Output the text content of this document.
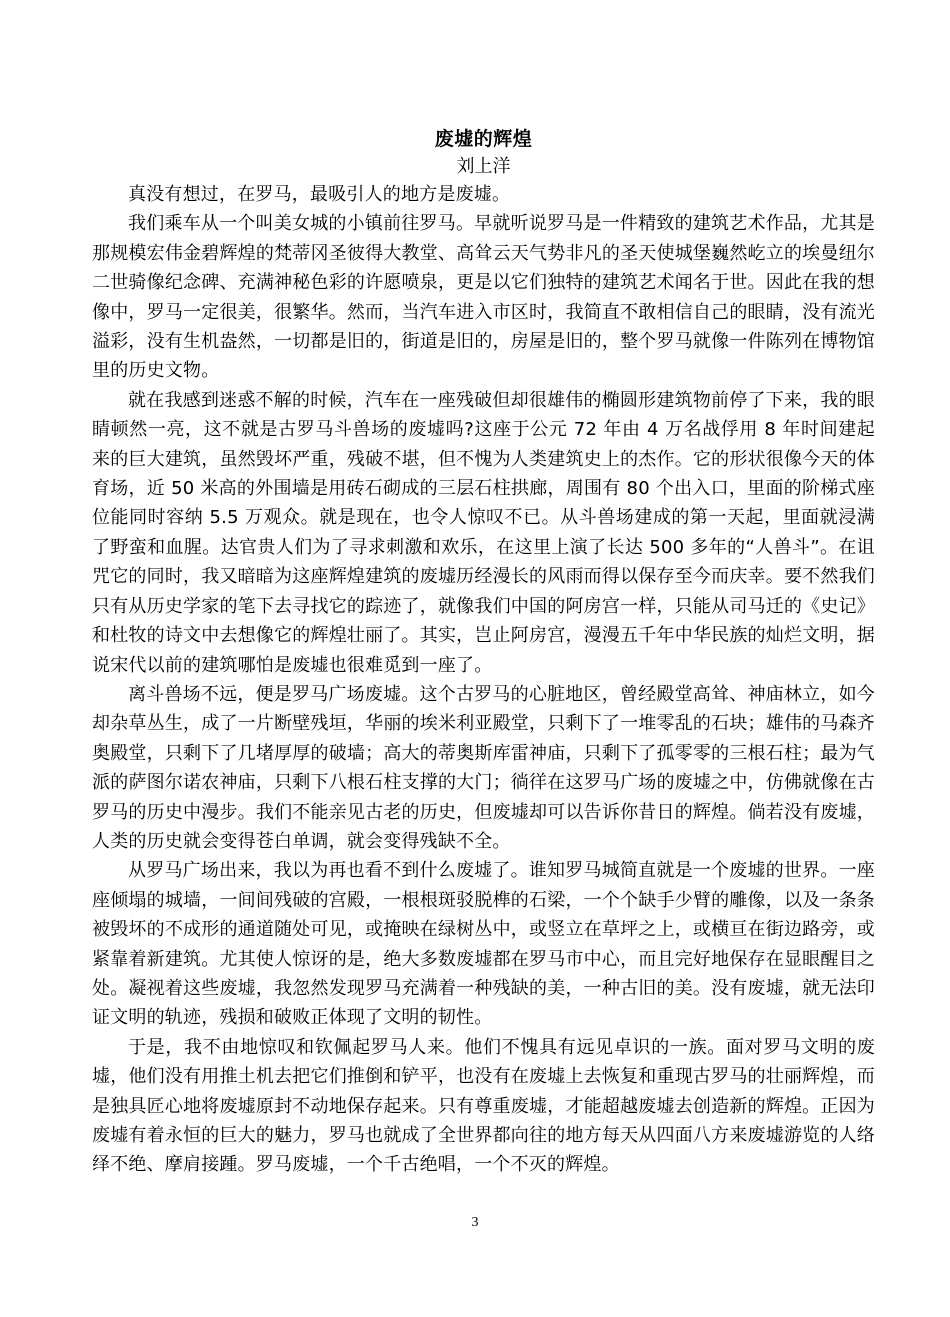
废墟的辉煌

刘上洋

真没有想过，在罗马，最吸引人的地方是废墟。

我们乘车从一个叫美女城的小镇前往罗马。早就听说罗马是一件精致的建筑艺术作品，尤其是那规模宏伟金碧辉煌的梵蒂冈圣彼得大教堂、高耸云天气势非凡的圣天使城堡巍然屹立的埃曼纽尔二世骑像纪念碑、充满神秘色彩的许愿喷泉，更是以它们独特的建筑艺术闻名于世。因此在我的想像中，罗马一定很美，很繁华。然而，当汽车进入市区时，我简直不敢相信自己的眼睛，没有流光溢彩，没有生机盎然，一切都是旧的，街道是旧的，房屋是旧的，整个罗马就像一件陈列在博物馆里的历史文物。

就在我感到迷惑不解的时候，汽车在一座残破但却很雄伟的椭圆形建筑物前停了下来，我的眼睛顿然一亮，这不就是古罗马斗兽场的废墟吗?这座于公元 72 年由 4 万名战俘用 8 年时间建起来的巨大建筑，虽然毁坏严重，残破不堪，但不愧为人类建筑史上的杰作。它的形状很像今天的体育场，近 50 米高的外围墙是用砖石砌成的三层石柱拱廊，周围有 80 个出入口，里面的阶梯式座位能同时容纳 5.5 万观众。就是现在，也令人惊叹不已。从斗兽场建成的第一天起，里面就浸满了野蛮和血腥。达官贵人们为了寻求刺激和欢乐，在这里上演了长达 500 多年的“人兽斗”。在诅咒它的同时，我又暗暗为这座辉煌建筑的废墟历经漫长的风雨而得以保存至今而庆幸。要不然我们只有从历史学家的笔下去寻找它的踪迹了，就像我们中国的阿房宫一样，只能从司马迁的《史记》和杜牧的诗文中去想像它的辉煌壮丽了。其实，岂止阿房宫，漫漫五千年中华民族的灿烂文明，据说宋代以前的建筑哪怕是废墟也很难觅到一座了。

离斗兽场不远，便是罗马广场废墟。这个古罗马的心脏地区，曾经殿堂高耸、神庙林立，如今却杂草丛生，成了一片断壁残垣，华丽的埃米利亚殿堂，只剩下了一堆零乱的石块；雄伟的马森齐奥殿堂，只剩下了几堵厚厚的破墙；高大的蒂奥斯库雷神庙，只剩下了孤零零的三根石柱；最为气派的萨图尔诺农神庙，只剩下八根石柱支撑的大门；徜徉在这罗马广场的废墟之中，仿佛就像在古罗马的历史中漫步。我们不能亲见古老的历史，但废墟却可以告诉你昔日的辉煌。倘若没有废墟，人类的历史就会变得苍白单调，就会变得残缺不全。

从罗马广场出来，我以为再也看不到什么废墟了。谁知罗马城简直就是一个废墟的世界。一座座倾塌的城墙，一间间残破的宫殿，一根根斑驳脱榫的石梁，一个个缺手少臂的雕像，以及一条条被毁坏的不成形的通道随处可见，或掩映在绿树丛中，或竖立在草坪之上，或横亘在街边路旁，或紧靠着新建筑。尤其使人惊讶的是，绝大多数废墟都在罗马市中心，而且完好地保存在显眼醒目之处。凝视着这些废墟，我忽然发现罗马充满着一种残缺的美，一种古旧的美。没有废墟，就无法印证文明的轨迹，残损和破败正体现了文明的韧性。

于是，我不由地惊叹和钦佩起罗马人来。他们不愧具有远见卓识的一族。面对罗马文明的废墟，他们没有用推土机去把它们推倒和铲平，也没有在废墟上去恢复和重现古罗马的壮丽辉煌，而是独具匠心地将废墟原封不动地保存起来。只有尊重废墟，才能超越废墟去创造新的辉煌。正因为废墟有着永恒的巨大的魅力，罗马也就成了全世界都向往的地方每天从四面八方来废墟游览的人络绎不绝、摩肩接踵。罗马废墟，一个千古绝唱，一个不灭的辉煌。

3
